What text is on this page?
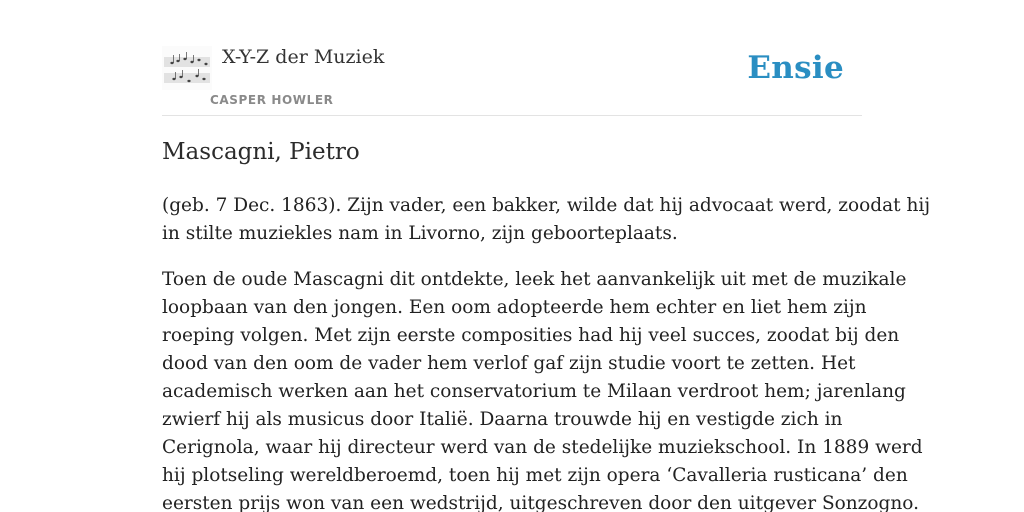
X-Y-Z der Muziek
CASPER HOWLER
Ensie
Mascagni, Pietro

(geb. 7 Dec. 1863). Zijn vader, een bakker, wilde dat hij advocaat werd, zoodat hij
in stilte muziekles nam in Livorno, zijn geboorteplaats.

Toen de oude Mascagni dit ontdekte, leek het aanvankelijk uit met de muzikale
loopbaan van den jongen. Een oom adopteerde hem echter en liet hem zijn
roeping volgen. Met zijn eerste composities had hij veel succes, zoodat bij den
dood van den oom de vader hem verlof gaf zijn studie voort te zetten. Het
academisch werken aan het conservatorium te Milaan verdroot hem; jarenlang
zwierf hij als musicus door Italië. Daarna trouwde hij en vestigde zich in
Cerignola, waar hij directeur werd van de stedelijke muziekschool. In 1889 werd
hij plotseling wereldberoemd, toen hij met zijn opera ‘Cavalleria rusticana’ den
eersten prijs won van een wedstrijd, uitgeschreven door den uitgever Sonzogno.
